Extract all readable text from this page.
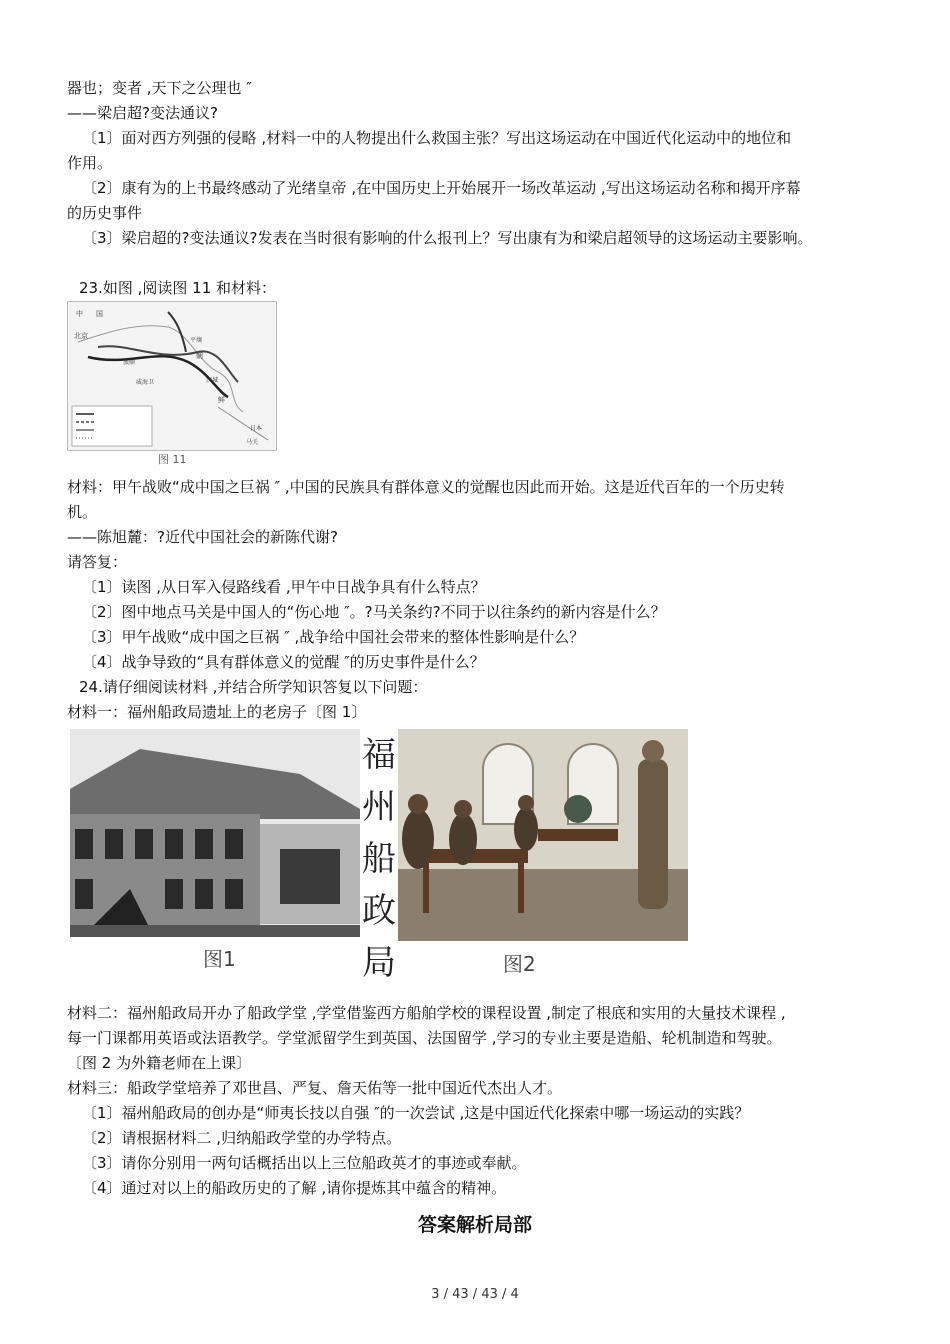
器也；变者 ,天下之公理也 ″
——梁启超?变法通议?
〔1〕面对西方列强的侵略 ,材料一中的人物提出什么救国主张？写出这场运动在中国近代化运动中的地位和
作用。
〔2〕康有为的上书最终感动了光绪皇帝 ,在中国历史上开始展开一场改革运动 ,写出这场运动名称和揭开序幕
的历史事件
〔3〕梁启超的?变法通议?发表在当时很有影响的什么报刊上？写出康有为和梁启超领导的这场运动主要影响。
23.如图 ,阅读图 11 和材料：
中 国
北京
旅顺
威海卫
朝
鲜
平壤
汉城
日本
马关
图 11
材料：甲午战败“成中国之巨祸 ″ ,中国的民族具有群体意义的觉醒也因此而开始。这是近代百年的一个历史转
机。
——陈旭麓：?近代中国社会的新陈代谢?
请答复：
〔1〕读图 ,从日军入侵路线看 ,甲午中日战争具有什么特点？
〔2〕图中地点马关是中国人的“伤心地 ″。?马关条约?不同于以往条约的新内容是什么？
〔3〕甲午战败“成中国之巨祸 ″ ,战争给中国社会带来的整体性影响是什么？
〔4〕战争导致的“具有群体意义的觉醒 ″的历史事件是什么？
24.请仔细阅读材料 ,并结合所学知识答复以下问题：
材料一：福州船政局遗址上的老房子〔图 1〕
福
州
船
政
局
图1	图2
材料二：福州船政局开办了船政学堂 ,学堂借鉴西方船舶学校的课程设置 ,制定了根底和实用的大量技术课程 ,
每一门课都用英语或法语教学。学堂派留学生到英国、法国留学 ,学习的专业主要是造船、轮机制造和驾驶。
〔图 2 为外籍老师在上课〕
材料三：船政学堂培养了邓世昌、严复、詹天佑等一批中国近代杰出人才。
〔1〕福州船政局的创办是“师夷长技以自强 ″的一次尝试 ,这是中国近代化探索中哪一场运动的实践？
〔2〕请根据材料二 ,归纳船政学堂的办学特点。
〔3〕请你分别用一两句话概括出以上三位船政英才的事迹或奉献。
〔4〕通过对以上的船政历史的了解 ,请你提炼其中蕴含的精神。
答案解析局部
3 / 43 / 43 / 4
